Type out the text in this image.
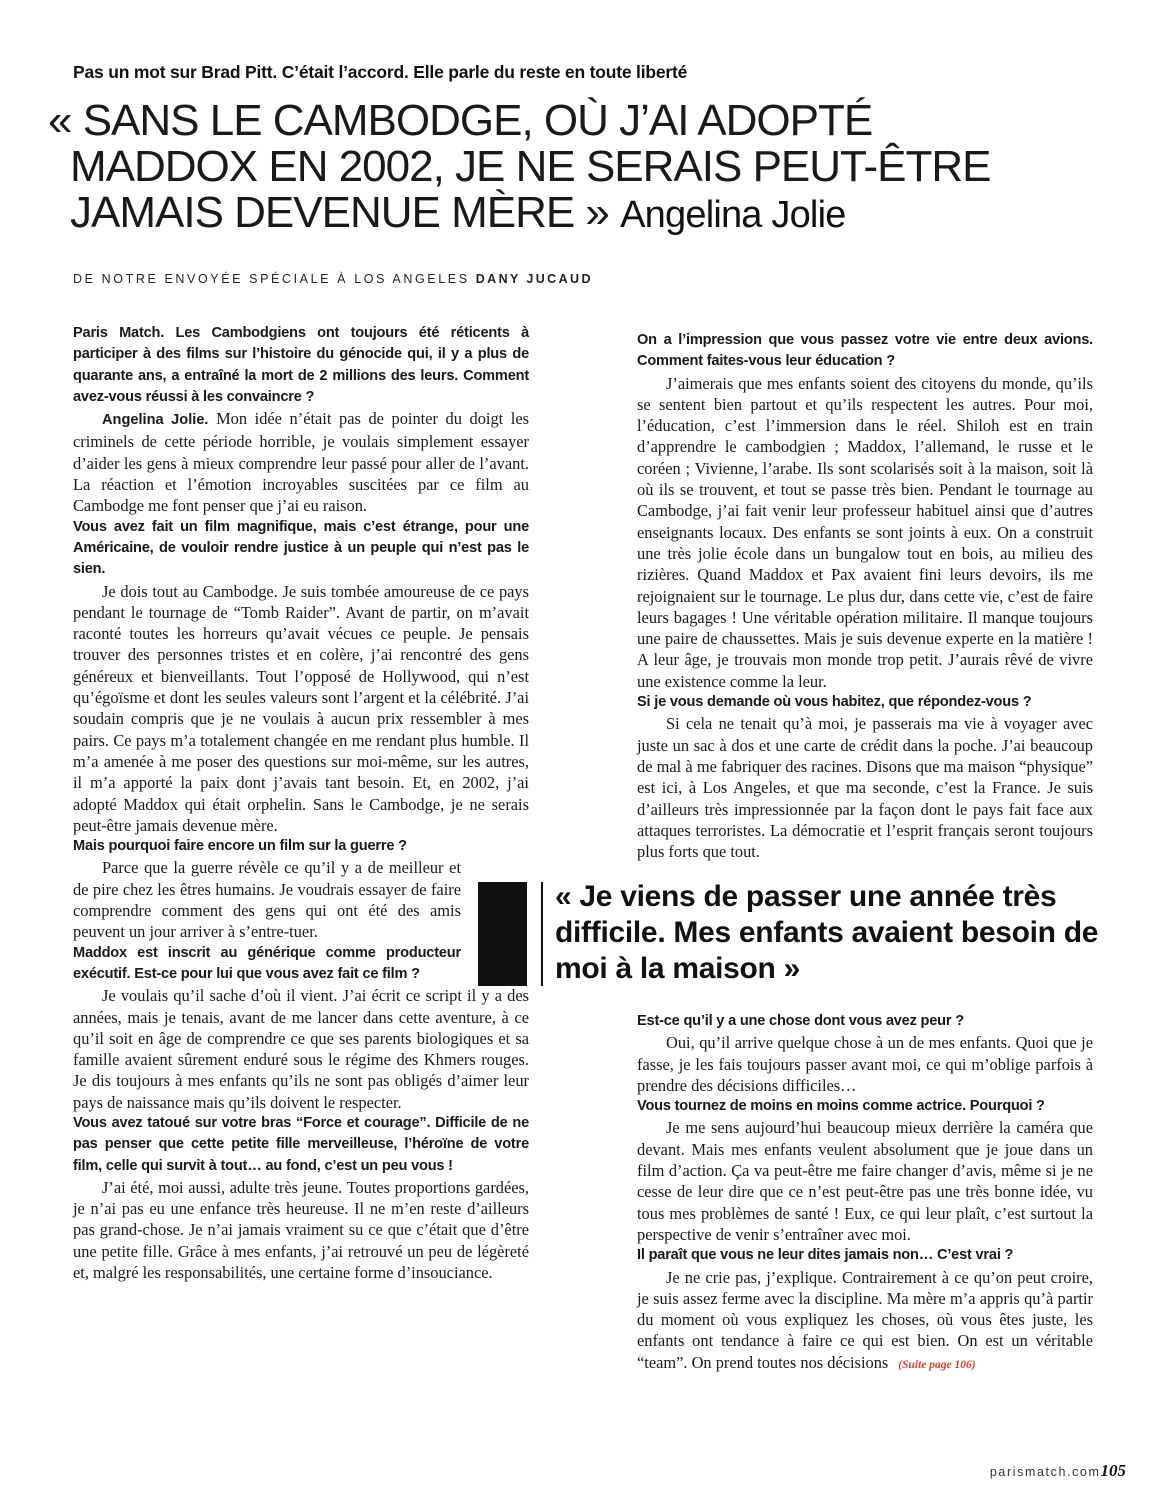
Pas un mot sur Brad Pitt. C’était l’accord. Elle parle du reste en toute liberté
« SANS LE CAMBODGE, OÙ J’AI ADOPTÉ
MADDOX EN 2002, JE NE SERAIS PEUT-ÊTRE
JAMAIS DEVENUE MÈRE » Angelina Jolie
DE NOTRE ENVOYÉE SPÉCIALE À LOS ANGELES DANY JUCAUD

Paris Match. Les Cambodgiens ont toujours été réticents à participer à des films sur l’histoire du génocide qui, il y a plus de quarante ans, a entraîné la mort de 2 millions des leurs. Comment avez-vous réussi à les convaincre ?

Angelina Jolie. Mon idée n’était pas de pointer du doigt les criminels de cette période horrible, je voulais simplement essayer d’aider les gens à mieux comprendre leur passé pour aller de l’avant. La réaction et l’émotion incroyables suscitées par ce film au Cambodge me font penser que j’ai eu raison.

Vous avez fait un film magnifique, mais c’est étrange, pour une Américaine, de vouloir rendre justice à un peuple qui n’est pas le sien.

Je dois tout au Cambodge. Je suis tombée amoureuse de ce pays pendant le tournage de “Tomb Raider”. Avant de partir, on m’avait raconté toutes les horreurs qu’avait vécues ce peuple. Je pensais trouver des personnes tristes et en colère, j’ai rencontré des gens généreux et bienveillants. Tout l’opposé de Hollywood, qui n’est qu’égoïsme et dont les seules valeurs sont l’argent et la célébrité. J’ai soudain compris que je ne voulais à aucun prix ressembler à mes pairs. Ce pays m’a totalement changée en me rendant plus humble. Il m’a amenée à me poser des questions sur moi-même, sur les autres, il m’a apporté la paix dont j’avais tant besoin. Et, en 2002, j’ai adopté Maddox qui était orphelin. Sans le Cambodge, je ne serais peut-être jamais devenue mère.

Mais pourquoi faire encore un film sur la guerre ?

Parce que la guerre révèle ce qu’il y a de meilleur et de pire chez les êtres humains. Je voudrais essayer de faire comprendre comment des gens qui ont été des amis peuvent un jour arriver à s’entre-tuer.

Maddox est inscrit au générique comme producteur exécutif. Est-ce pour lui que vous avez fait ce film ?

Je voulais qu’il sache d’où il vient. J’ai écrit ce script il y a des années, mais je tenais, avant de me lancer dans cette aventure, à ce qu’il soit en âge de comprendre ce que ses parents biologiques et sa famille avaient sûrement enduré sous le régime des Khmers rouges. Je dis toujours à mes enfants qu’ils ne sont pas obligés d’aimer leur pays de naissance mais qu’ils doivent le respecter.

Vous avez tatoué sur votre bras “Force et courage”. Difficile de ne pas penser que cette petite fille merveilleuse, l’héroïne de votre film, celle qui survit à tout… au fond, c’est un peu vous !

J’ai été, moi aussi, adulte très jeune. Toutes proportions gardées, je n’ai pas eu une enfance très heureuse. Il ne m’en reste d’ailleurs pas grand-chose. Je n’ai jamais vraiment su ce que c’était que d’être une petite fille. Grâce à mes enfants, j’ai retrouvé un peu de légèreté et, malgré les responsabilités, une certaine forme d’insouciance.

On a l’impression que vous passez votre vie entre deux avions. Comment faites-vous leur éducation ?

J’aimerais que mes enfants soient des citoyens du monde, qu’ils se sentent bien partout et qu’ils respectent les autres. Pour moi, l’éducation, c’est l’immersion dans le réel. Shiloh est en train d’apprendre le cambodgien ; Maddox, l’allemand, le russe et le coréen ; Vivienne, l’arabe. Ils sont scolarisés soit à la maison, soit là où ils se trouvent, et tout se passe très bien. Pendant le tournage au Cambodge, j’ai fait venir leur professeur habituel ainsi que d’autres enseignants locaux. Des enfants se sont joints à eux. On a construit une très jolie école dans un bungalow tout en bois, au milieu des rizières. Quand Maddox et Pax avaient fini leurs devoirs, ils me rejoignaient sur le tournage. Le plus dur, dans cette vie, c’est de faire leurs bagages ! Une véritable opération militaire. Il manque toujours une paire de chaussettes. Mais je suis devenue experte en la matière ! A leur âge, je trouvais mon monde trop petit. J’aurais rêvé de vivre une existence comme la leur.

Si je vous demande où vous habitez, que répondez-vous ?

Si cela ne tenait qu’à moi, je passerais ma vie à voyager avec juste un sac à dos et une carte de crédit dans la poche. J’ai beaucoup de mal à me fabriquer des racines. Disons que ma maison “physique” est ici, à Los Angeles, et que ma seconde, c’est la France. Je suis d’ailleurs très impressionnée par la façon dont le pays fait face aux attaques terroristes. La démocratie et l’esprit français seront toujours plus forts que tout.

« Je viens de passer une année très difficile. Mes enfants avaient besoin de moi à la maison »

Est-ce qu’il y a une chose dont vous avez peur ?

Oui, qu’il arrive quelque chose à un de mes enfants. Quoi que je fasse, je les fais toujours passer avant moi, ce qui m’oblige parfois à prendre des décisions difficiles…

Vous tournez de moins en moins comme actrice. Pourquoi ?

Je me sens aujourd’hui beaucoup mieux derrière la caméra que devant. Mais mes enfants veulent absolument que je joue dans un film d’action. Ça va peut-être me faire changer d’avis, même si je ne cesse de leur dire que ce n’est peut-être pas une très bonne idée, vu tous mes problèmes de santé ! Eux, ce qui leur plaît, c’est surtout la perspective de venir s’entraîner avec moi.

Il paraît que vous ne leur dites jamais non… C’est vrai ?

Je ne crie pas, j’explique. Contrairement à ce qu’on peut croire, je suis assez ferme avec la discipline. Ma mère m’a appris qu’à partir du moment où vous expliquez les choses, où vous êtes juste, les enfants ont tendance à faire ce qui est bien. On est un véritable “team”. On prend toutes nos décisions (Suite page 106)

parismatch.com105
